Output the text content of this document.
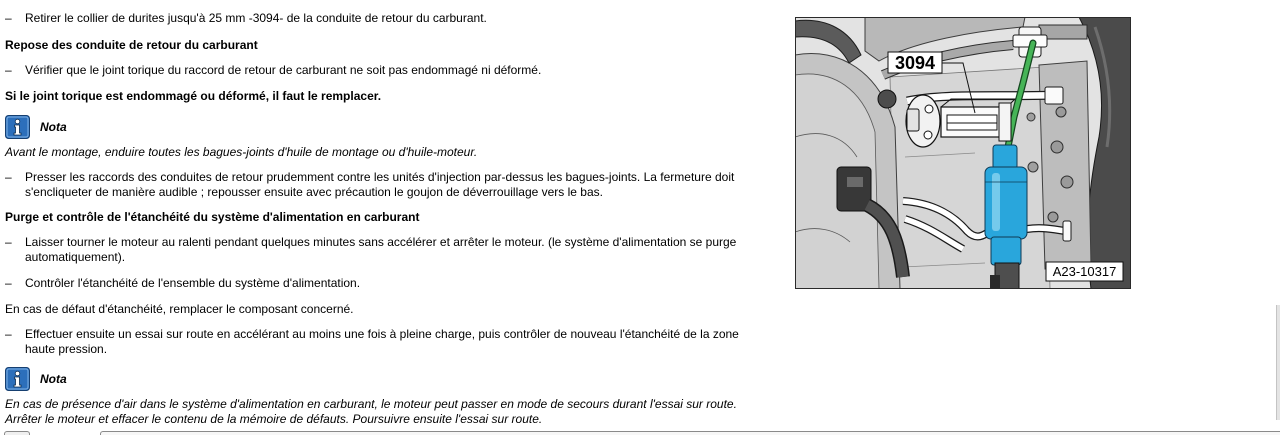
– Retirer le collier de durites jusqu'à 25 mm -3094- de la conduite de retour du carburant.
Repose des conduite de retour du carburant
– Vérifier que le joint torique du raccord de retour de carburant ne soit pas endommagé ni déformé.
Si le joint torique est endommagé ou déformé, il faut le remplacer.
Nota
Avant le montage, enduire toutes les bagues-joints d'huile de montage ou d'huile-moteur.
– Presser les raccords des conduites de retour prudemment contre les unités d'injection par-dessus les bagues-joints. La fermeture doit s'encliqueter de manière audible ; repousser ensuite avec précaution le goujon de déverrouillage vers le bas.
Purge et contrôle de l'étanchéité du système d'alimentation en carburant
– Laisser tourner le moteur au ralenti pendant quelques minutes sans accélérer et arrêter le moteur. (le système d'alimentation se purge automatiquement).
– Contrôler l'étanchéité de l'ensemble du système d'alimentation.
En cas de défaut d'étanchéité, remplacer le composant concerné.
– Effectuer ensuite un essai sur route en accélérant au moins une fois à pleine charge, puis contrôler de nouveau l'étanchéité de la zone haute pression.
Nota
En cas de présence d'air dans le système d'alimentation en carburant, le moteur peut passer en mode de secours durant l'essai sur route. Arrêter le moteur et effacer le contenu de la mémoire de défauts. Poursuivre ensuite l'essai sur route.
3094
A23-10317
